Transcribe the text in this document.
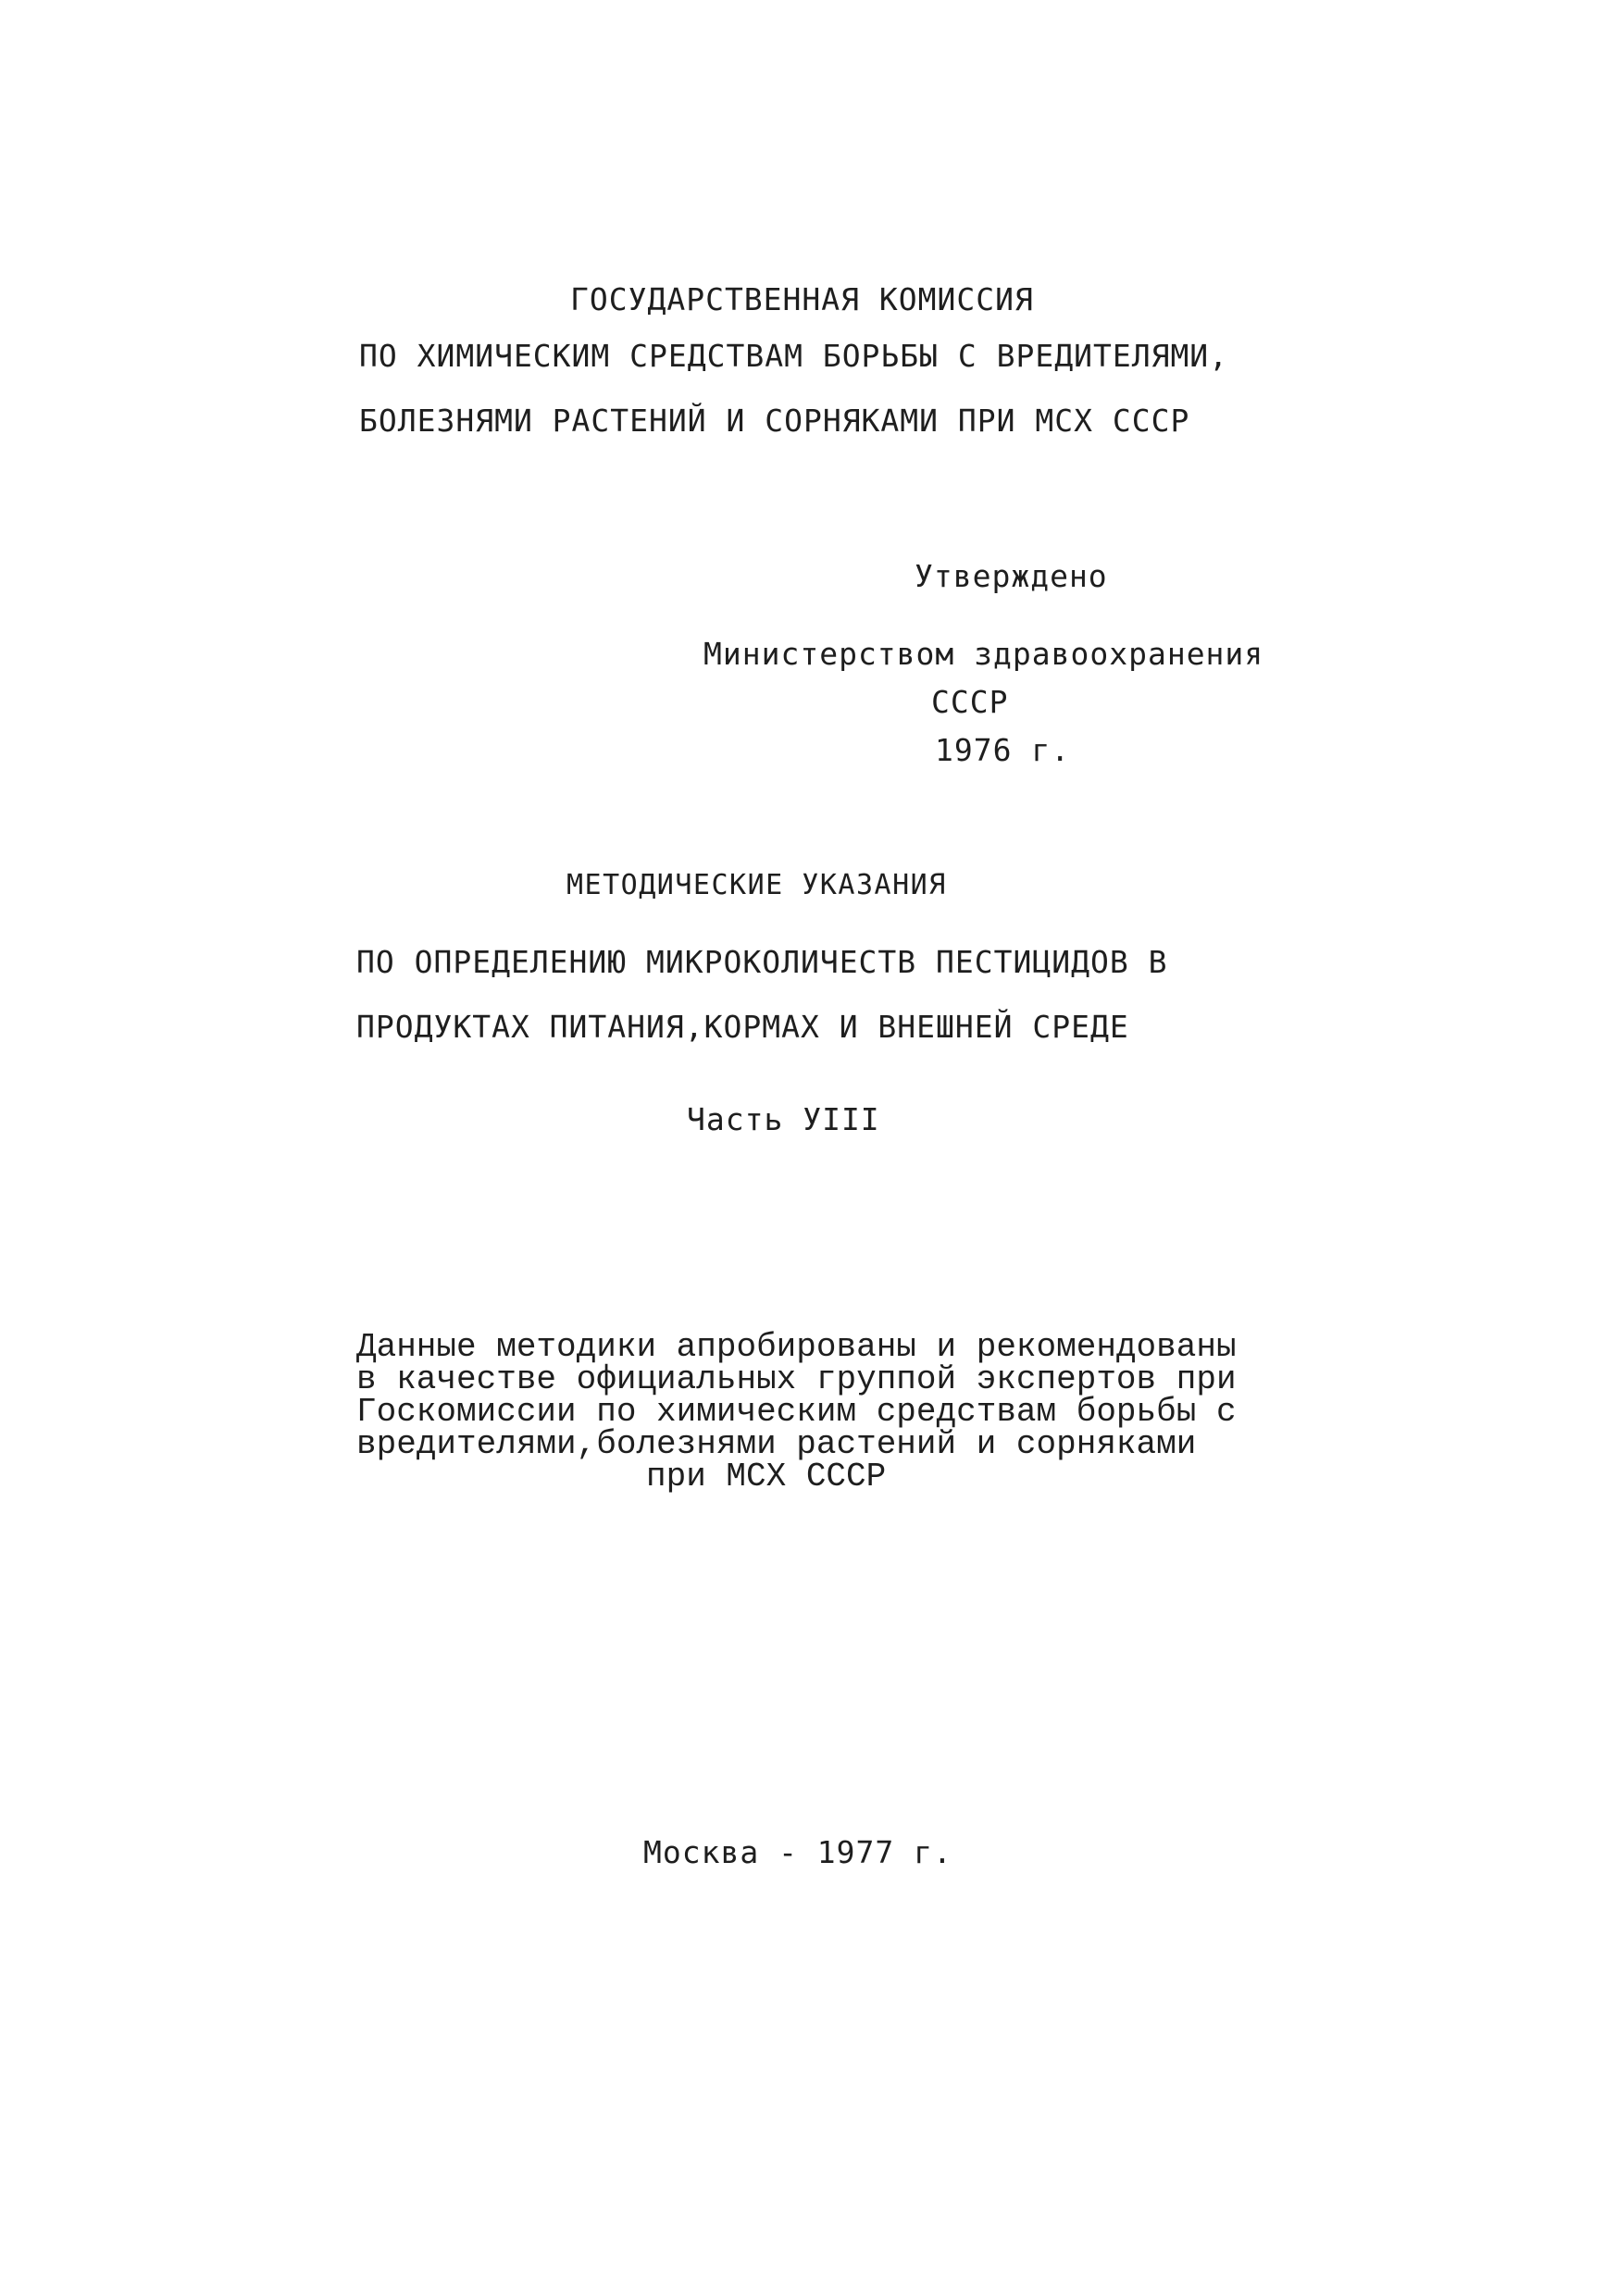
ГОСУДАРСТВЕННАЯ КОМИССИЯ

ПО ХИМИЧЕСКИМ СРЕДСТВАМ БОРЬБЫ С ВРЕДИТЕЛЯМИ,

БОЛЕЗНЯМИ РАСТЕНИЙ И СОРНЯКАМИ ПРИ МСХ СССР

Утверждено

Министерством здравоохранения

СССР

1976 г.

МЕТОДИЧЕСКИЕ УКАЗАНИЯ

ПО ОПРЕДЕЛЕНИЮ МИКРОКОЛИЧЕСТВ ПЕСТИЦИДОВ В

ПРОДУКТАХ ПИТАНИЯ,КОРМАХ И ВНЕШНЕЙ СРЕДЕ

Часть УIII

Данные методики апробированы и рекомендованы

в качестве официальных группой экспертов при

Госкомиссии по химическим средствам борьбы с

вредителями,болезнями растений и сорняками

при МСХ СССР

Москва - 1977 г.
